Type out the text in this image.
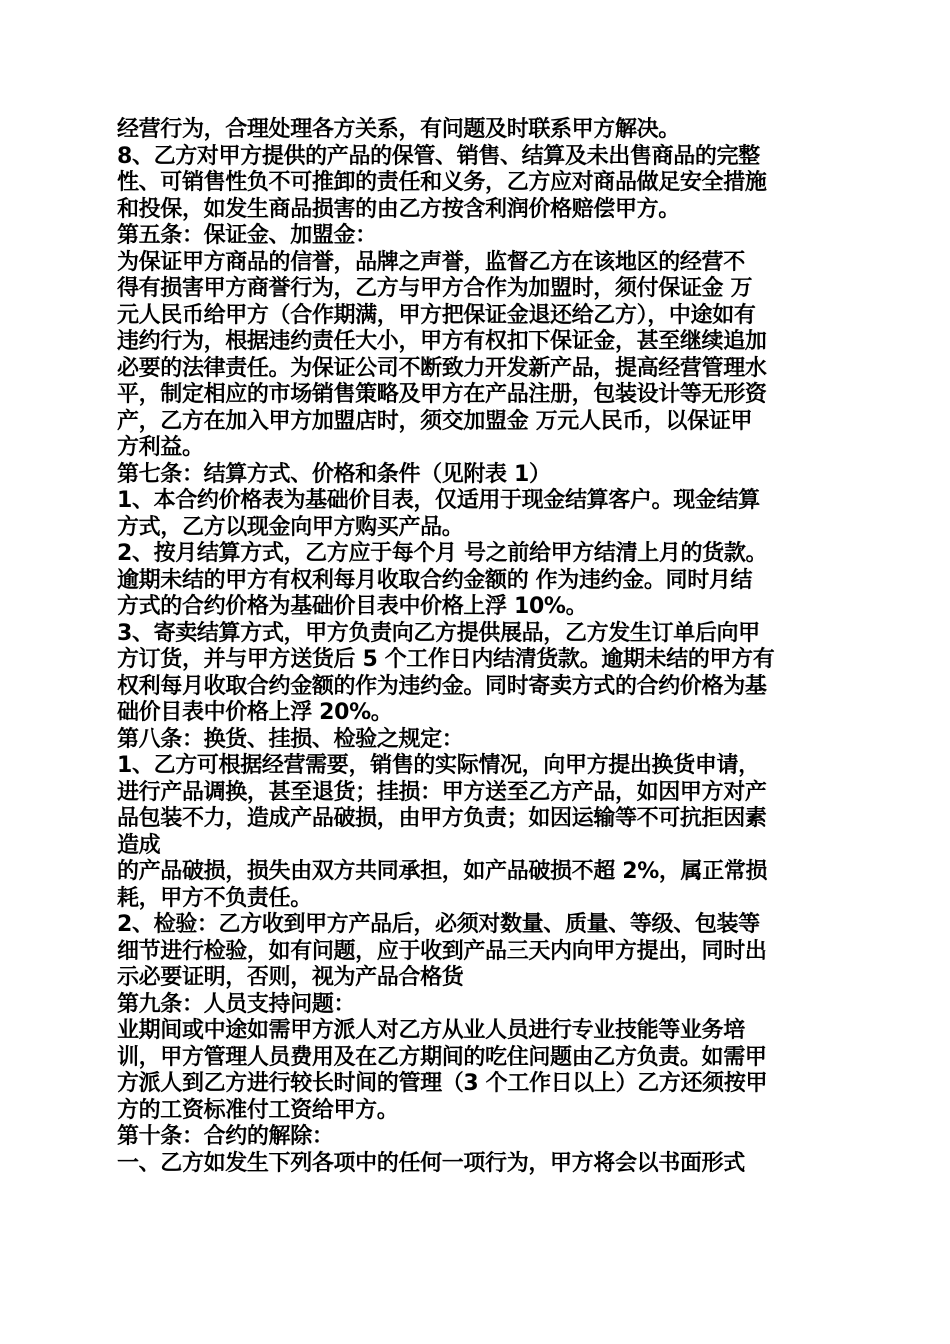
经营行为，合理处理各方关系，有问题及时联系甲方解决。
8、乙方对甲方提供的产品的保管、销售、结算及未出售商品的完整
性、可销售性负不可推卸的责任和义务，乙方应对商品做足安全措施
和投保，如发生商品损害的由乙方按含利润价格赔偿甲方。
第五条：保证金、加盟金：
为保证甲方商品的信誉，品牌之声誉，监督乙方在该地区的经营不
得有损害甲方商誉行为，乙方与甲方合作为加盟时，须付保证金 万
元人民币给甲方（合作期满，甲方把保证金退还给乙方），中途如有
违约行为，根据违约责任大小，甲方有权扣下保证金，甚至继续追加
必要的法律责任。为保证公司不断致力开发新产品，提高经营管理水
平，制定相应的市场销售策略及甲方在产品注册，包装设计等无形资
产，乙方在加入甲方加盟店时，须交加盟金 万元人民币，以保证甲
方利益。
第七条：结算方式、价格和条件（见附表 1）
1、本合约价格表为基础价目表，仅适用于现金结算客户。现金结算
方式，乙方以现金向甲方购买产品。
2、按月结算方式，乙方应于每个月 号之前给甲方结清上月的货款。
逾期未结的甲方有权利每月收取合约金额的 作为违约金。同时月结
方式的合约价格为基础价目表中价格上浮 10%。
3、寄卖结算方式，甲方负责向乙方提供展品，乙方发生订单后向甲
方订货，并与甲方送货后 5 个工作日内结清货款。逾期未结的甲方有
权利每月收取合约金额的作为违约金。同时寄卖方式的合约价格为基
础价目表中价格上浮 20%。
第八条：换货、挂损、检验之规定：
1、乙方可根据经营需要，销售的实际情况，向甲方提出换货申请，
进行产品调换，甚至退货；挂损：甲方送至乙方产品，如因甲方对产
品包装不力，造成产品破损，由甲方负责；如因运输等不可抗拒因素
造成
的产品破损，损失由双方共同承担，如产品破损不超 2%，属正常损
耗，甲方不负责任。
2、检验：乙方收到甲方产品后，必须对数量、质量、等级、包装等
细节进行检验，如有问题，应于收到产品三天内向甲方提出，同时出
示必要证明，否则，视为产品合格货
第九条：人员支持问题：
业期间或中途如需甲方派人对乙方从业人员进行专业技能等业务培
训，甲方管理人员费用及在乙方期间的吃住问题由乙方负责。如需甲
方派人到乙方进行较长时间的管理（3 个工作日以上）乙方还须按甲
方的工资标准付工资给甲方。
第十条：合约的解除：
一、乙方如发生下列各项中的任何一项行为，甲方将会以书面形式
